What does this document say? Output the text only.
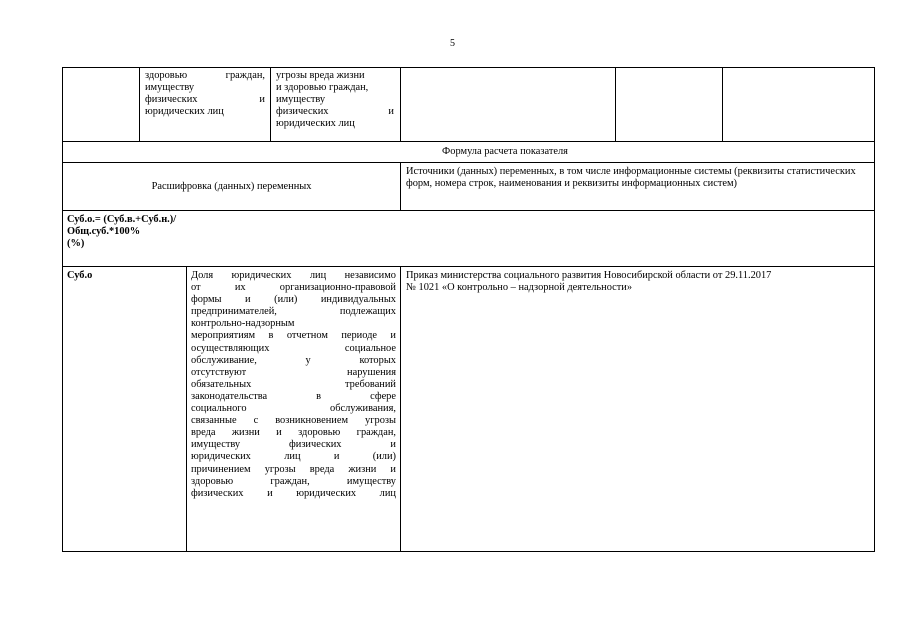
5
здоровью граждан,
имуществу
физических и
юридических лиц
угрозы вреда жизни
и здоровью граждан,
имуществу
физических и
юридических лиц
Формула расчета показателя
Расшифровка (данных) переменных
Источники (данных) переменных, в том числе информационные системы (реквизиты статистических форм, номера строк, наименования и реквизиты информационных систем)
Суб.о.= (Суб.в.+Суб.н.)/
Общ.суб.*100%
(%)
Суб.о	Доля юридических лиц независимо
от их организационно-правовой
формы и (или) индивидуальных
предпринимателей, подлежащих
контрольно-надзорным
мероприятиям в отчетном периоде и
осуществляющих социальное
обслуживание, у которых
отсутствуют нарушения
обязательных требований
законодательства в сфере
социального обслуживания,
связанные с возникновением угрозы
вреда жизни и здоровью граждан,
имуществу физических и
юридических лиц и (или)
причинением угрозы вреда жизни и
здоровью граждан, имуществу
физических и юридических лиц
Приказ министерства социального развития Новосибирской области от 29.11.2017
№ 1021 «О контрольно – надзорной деятельности»
